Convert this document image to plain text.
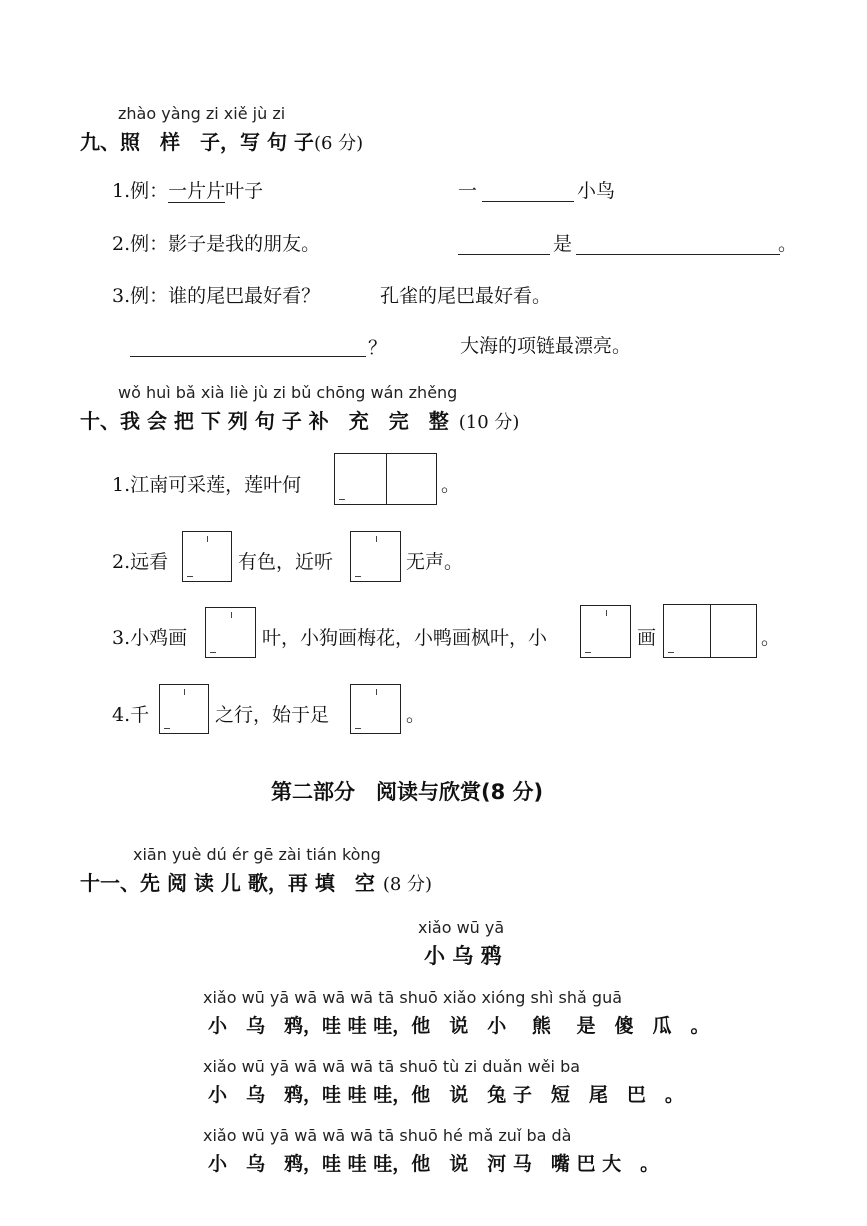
zhào yàng zi xiě jù zi
九、照　样　子，写 句 子(6 分)
1.例：一片片叶子	一	小鸟
2.例：影子是我的朋友。	是	。
3.例：谁的尾巴最好看？	孔雀的尾巴最好看。
？	大海的项链最漂亮。
wǒ huì bǎ xià liè jù zi bǔ chōng wán zhěng
十、我 会 把 下 列 句 子 补　充　完　整 (10 分)
1.江南可采莲，莲叶何	。
2.远看	有色，近听	无声。
3.小鸡画	叶，小狗画梅花，小鸭画枫叶，小	画	。
4.千	之行，始于足	。
第二部分　阅读与欣赏(8 分)
xiān yuè dú ér gē zài tián kòng
十一、先 阅 读 儿 歌，再 填　空 (8 分)
xiǎo wū yā
小 乌 鸦
xiǎo wū yā wā wā wā tā shuō xiǎo xióng shì shǎ guā
小　乌　鸦，哇 哇 哇，他　说　小　 熊　 是　傻　瓜　。
xiǎo wū yā wā wā wā tā shuō tù zi duǎn wěi ba
小　乌　鸦，哇 哇 哇，他　说　兔 子　短　尾　巴　。
xiǎo wū yā wā wā wā tā shuō hé mǎ zuǐ ba dà
小　乌　鸦，哇 哇 哇，他　说　河 马　嘴 巴 大　。
